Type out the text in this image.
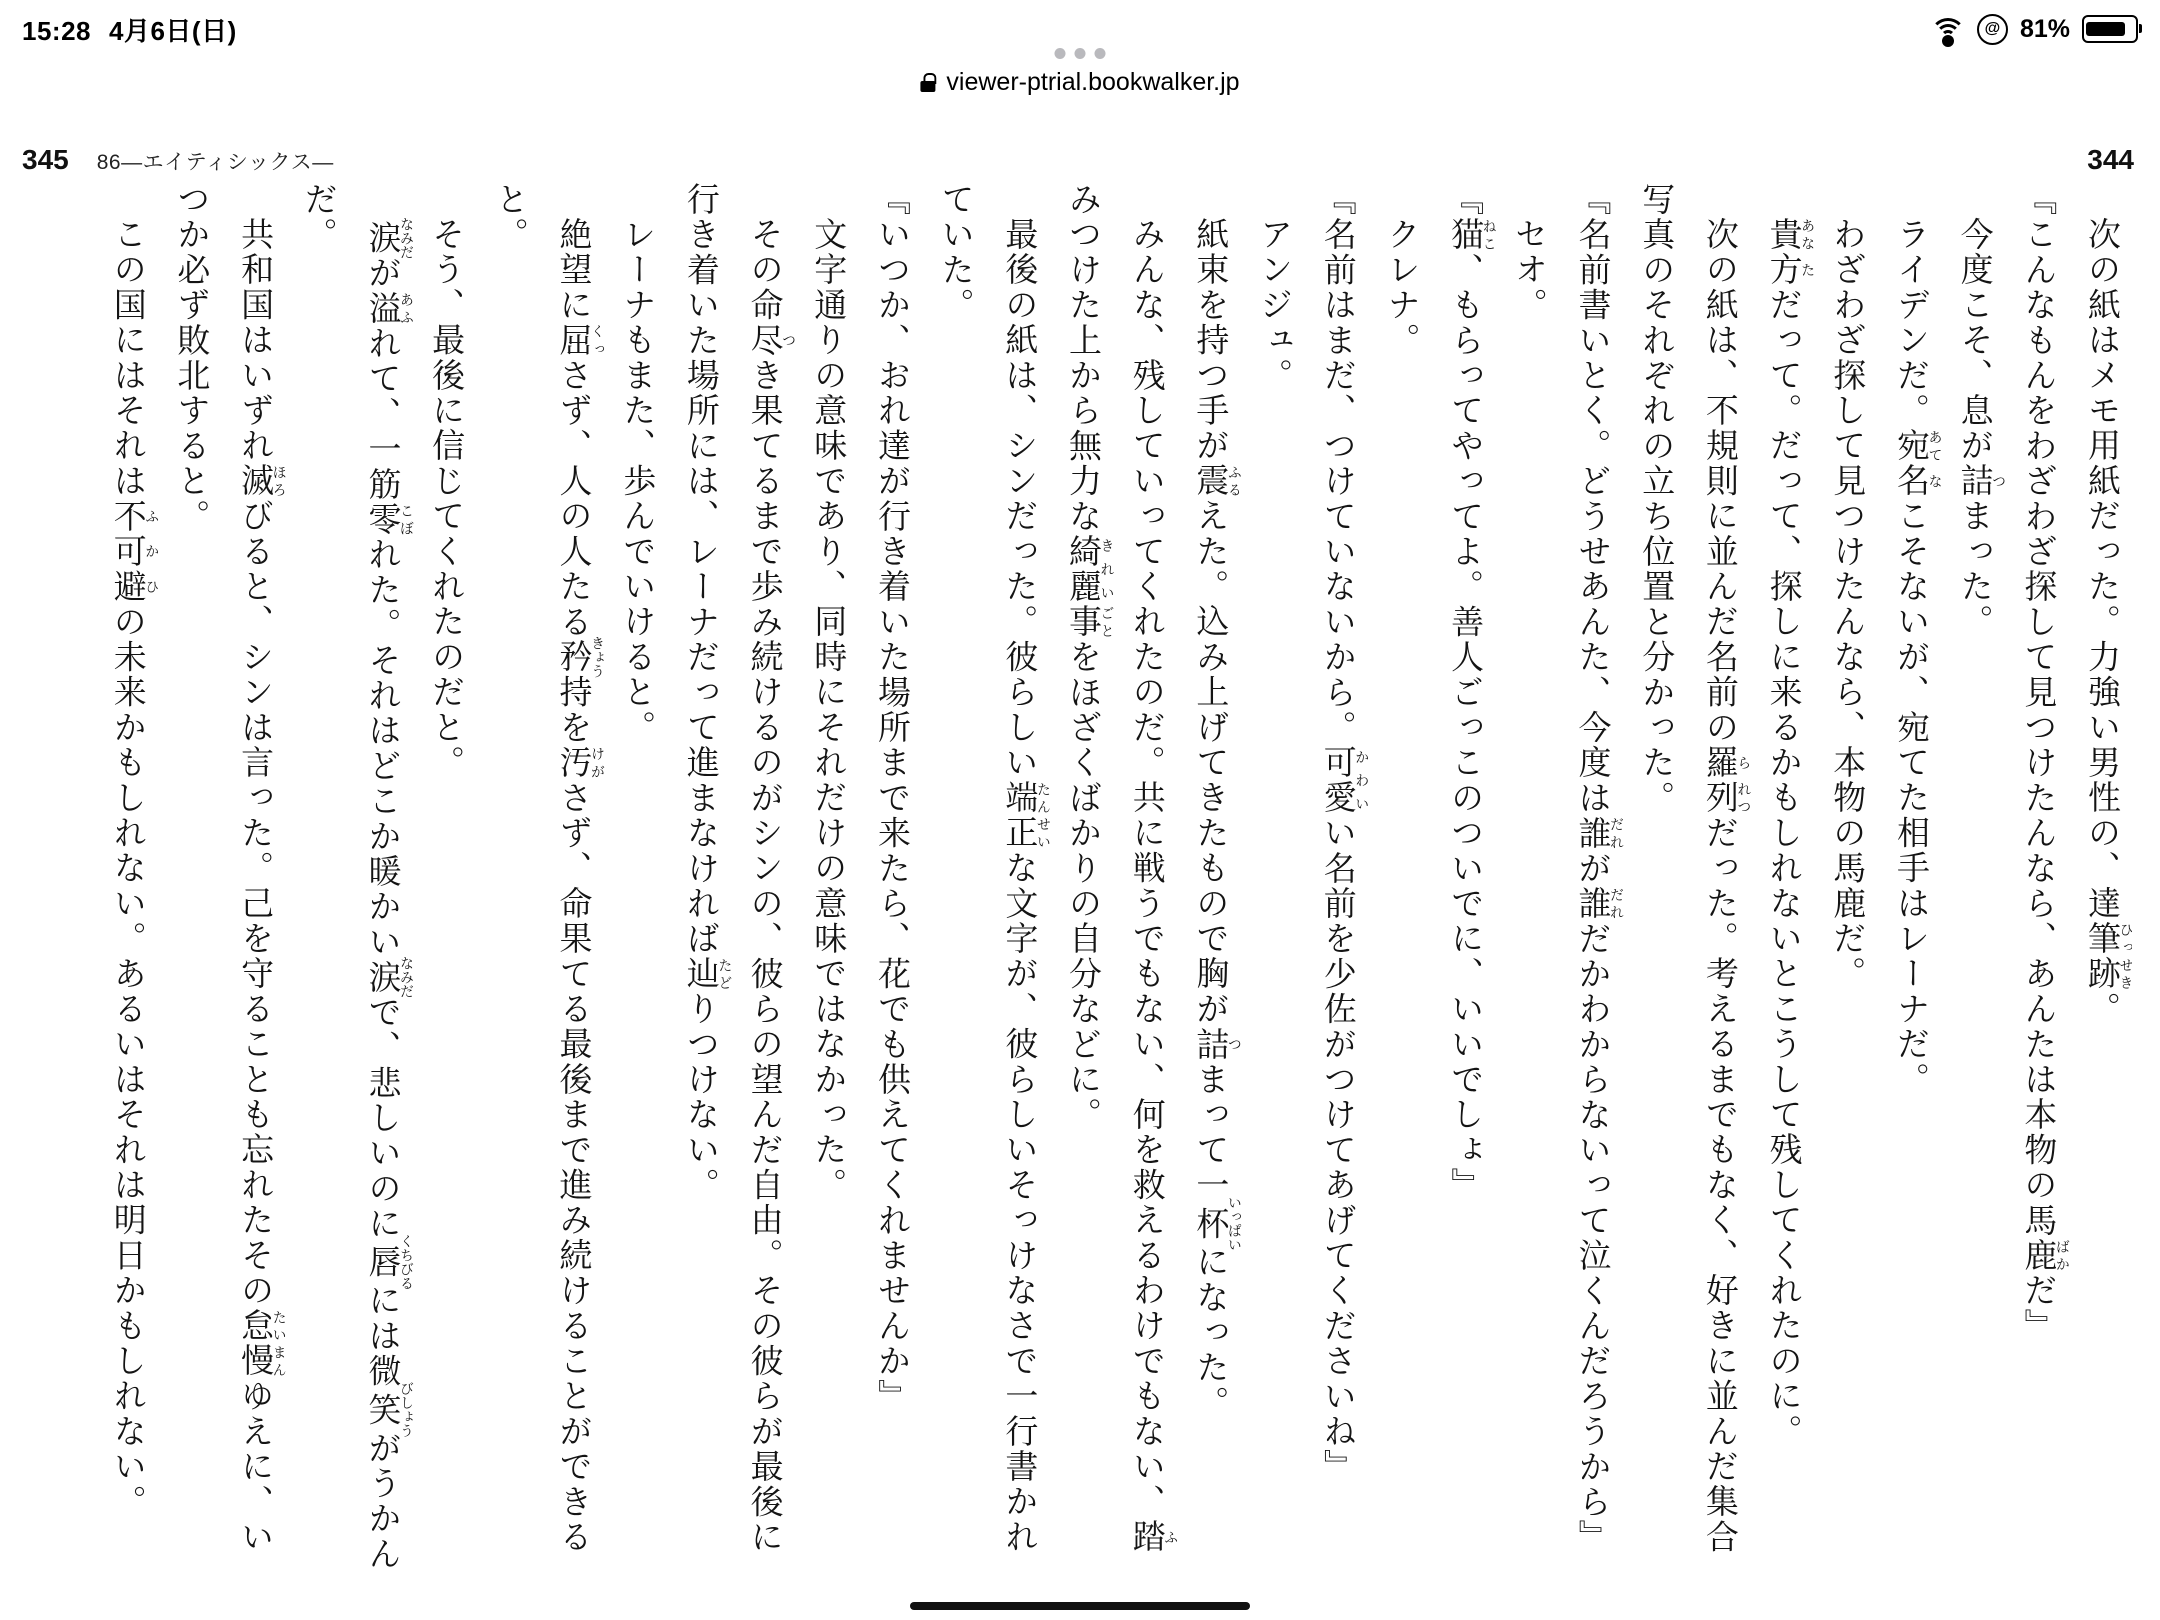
15:28 4月6日(日)	@ 81%
viewer-ptrial.bookwalker.jp
345 86―エイティシックス―	344

次の紙はメモ用紙だった。力強い男性の、達筆ひっ跡せき。

『こんなもんをわざわざ探して見つけたんなら、あんたは本物の馬鹿ばかだ』

今度こそ、息が詰つまった。

ライデンだ。宛あて名なこそないが、宛てた相手はレーナだ。

わざわざ探して見つけたんなら、本物の馬鹿だ。

貴あな方ただって。だって、探しに来るかもしれないとこうして残してくれたのに。

次の紙は、不規則に並んだ名前の羅ら列れつだった。考えるまでもなく、好きに並んだ集合写真のそれぞれの立ち位置と分かった。

『名前書いとく。どうせあんた、今度は誰だれが誰だれだかわからないって泣くんだろうから』

セオ。

『猫ねこ、もらってやってよ。善人ごっこのついでに、いいでしょ』

クレナ。

『名前はまだ、つけていないから。可愛かわいい名前を少佐がつけてあげてくださいね』

アンジュ。

紙束を持つ手が震ふるえた。込み上げてきたもので胸が詰つまって一杯いっぱいになった。

みんな、残していってくれたのだ。共に戦うでもない、何を救えるわけでもない、踏ふみつけた上から無力な綺麗きれい事ごとをほざくばかりの自分などに。

最後の紙は、シンだった。彼らしい端たん正せいな文字が、彼らしいそっけなさで一行書かれていた。

『いつか、おれ達が行き着いた場所まで来たら、花でも供えてくれませんか』

文字通りの意味であり、同時にそれだけの意味ではなかった。

その命尽つき果てるまで歩み続けるのがシンの、彼らの望んだ自由。その彼らが最後に行き着いた場所には、レーナだって進まなければ辿たどりつけない。

レーナもまた、歩んでいけると。

絶望に屈くっさず、人の人たる矜きょう持を汚けがさず、命果てる最後まで進み続けることができると。

そう、最後に信じてくれたのだと。

涙なみだが溢あふれて、一筋零こぼれた。それはどこか暖かい涙なみだで、悲しいのに唇くちびるには微笑びしょうがうかんだ。

共和国はいずれ滅ほろびると、シンは言った。己を守ることも忘れたその怠慢たいまんゆえに、いつか必ず敗北すると。

この国にはそれは不ふ可か避ひの未来かもしれない。あるいはそれは明日かもしれない。
